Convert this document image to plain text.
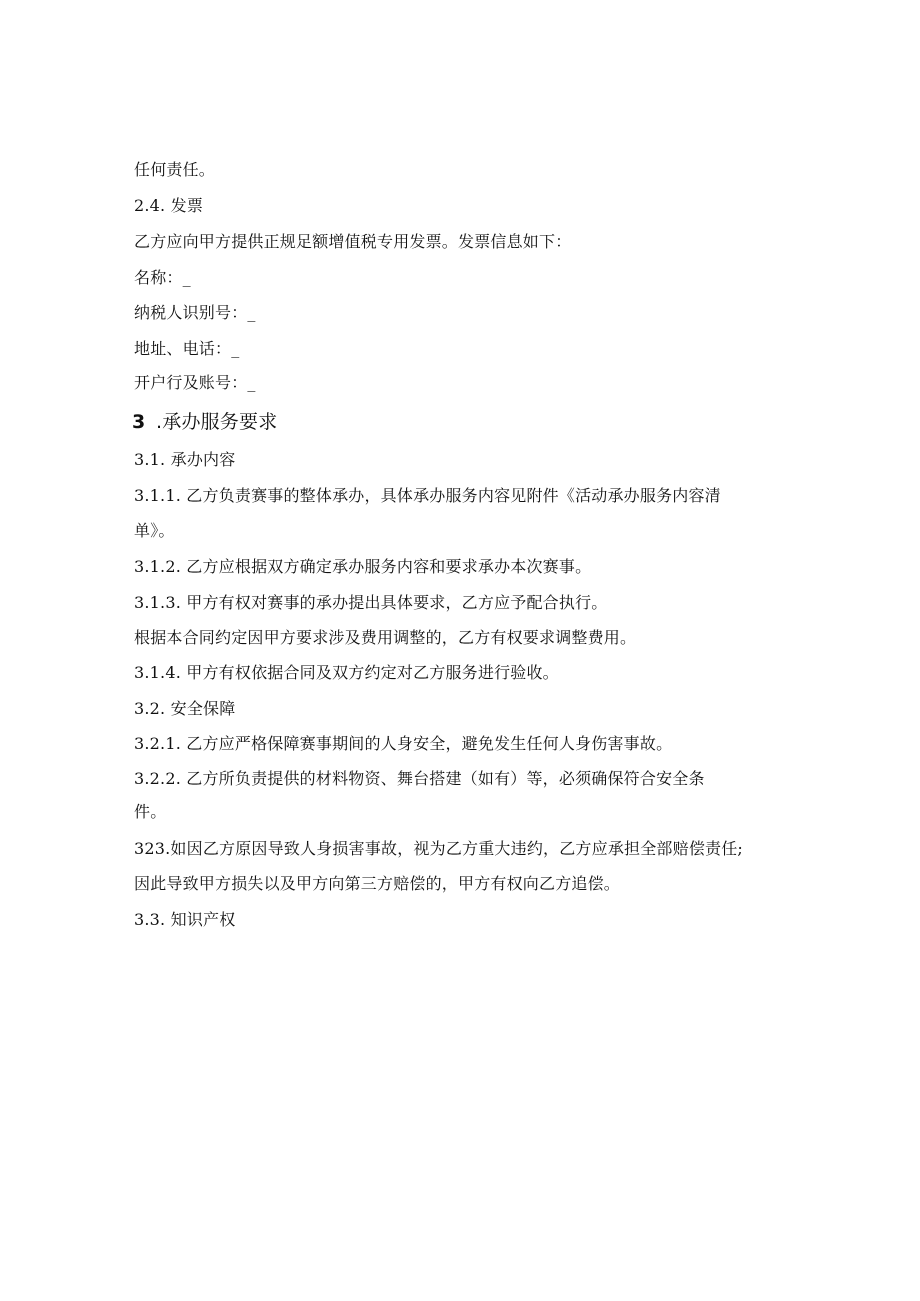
任何责任。
2.4. 发票
乙方应向甲方提供正规足额增值税专用发票。发票信息如下：
名称：_
纳税人识别号：_
地址、电话：_
开户行及账号：_
3 .承办服务要求
3.1. 承办内容
3.1.1. 乙方负责赛事的整体承办，具体承办服务内容见附件《活动承办服务内容清
单》。
3.1.2. 乙方应根据双方确定承办服务内容和要求承办本次赛事。
3.1.3. 甲方有权对赛事的承办提出具体要求，乙方应予配合执行。
根据本合同约定因甲方要求涉及费用调整的，乙方有权要求调整费用。
3.1.4. 甲方有权依据合同及双方约定对乙方服务进行验收。
3.2. 安全保障
3.2.1. 乙方应严格保障赛事期间的人身安全，避免发生任何人身伤害事故。
3.2.2. 乙方所负责提供的材料物资、舞台搭建（如有）等，必须确保符合安全条
件。
323.如因乙方原因导致人身损害事故，视为乙方重大违约，乙方应承担全部赔偿责任;
因此导致甲方损失以及甲方向第三方赔偿的，甲方有权向乙方追偿。
3.3. 知识产权
